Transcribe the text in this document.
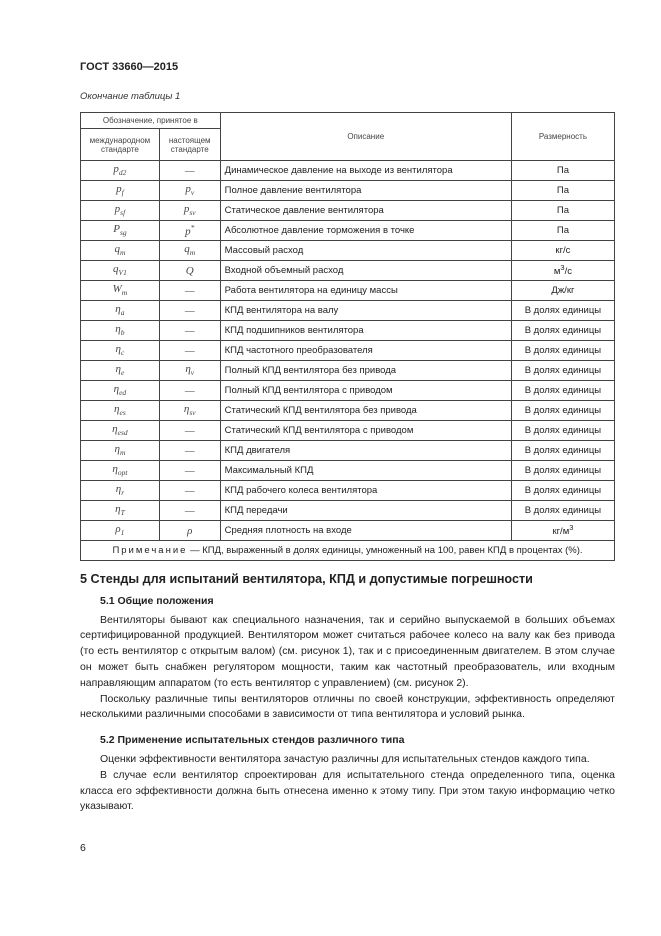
ГОСТ 33660—2015
Окончание таблицы 1
Обозначение, принятое в		Описание	Размерность
международном стандарте	настоящем стандарте		
$p_{d2}$	—	Динамическое давление на выходе из вентилятора	Па
$p_f$	$p_v$	Полное давление вентилятора	Па
$p_{sf}$	$p_{sv}$	Статическое давление вентилятора	Па
$P_{sg}$	p*	Абсолютное давление торможения в точке	Па
$q_m$	$q_m$	Массовый расход	кг/с
$q_{V1}$	Q	Входной объемный расход	$м^3/с$
$W_m$	—	Работа вентилятора на единицу массы	Дж/кг
$\eta_a$	—	КПД вентилятора на валу	В долях единицы
$\eta_b$	—	КПД подшипников вентилятора	В долях единицы
$\eta_c$	—	КПД частотного преобразователя	В долях единицы
$\eta_e$	$\eta_v$	Полный КПД вентилятора без привода	В долях единицы
$\eta_{ed}$	—	Полный КПД вентилятора с приводом	В долях единицы
$\eta_{es}$	$\eta_{sv}$	Статический КПД вентилятора без привода	В долях единицы
$\eta_{esd}$	—	Статический КПД вентилятора с приводом	В долях единицы
$\eta_m$	—	КПД двигателя	В долях единицы
$\eta_{opt}$	—	Максимальный КПД	В долях единицы
$\eta_r$	—	КПД рабочего колеса вентилятора	В долях единицы
$\eta_T$	—	КПД передачи	В долях единицы
$\rho_1$	ρ	Средняя плотность на входе	$кг/м^3$
Примечание — КПД, выраженный в долях единицы, умноженный на 100, равен КПД в процентах (%).			
5 Стенды для испытаний вентилятора, КПД и допустимые погрешности
5.1 Общие положения

Вентиляторы бывают как специального назначения, так и серийно выпускаемой в больших объемах сертифицированной продукцией. Вентилятором может считаться рабочее колесо на валу как без привода (то есть вентилятор с открытым валом) (см. рисунок 1), так и с присоединенным двигателем. В этом случае он может быть снабжен регулятором мощности, таким как частотный преобразователь, или входным направляющим аппаратом (то есть вентилятор с управлением) (см. рисунок 2).

Поскольку различные типы вентиляторов отличны по своей конструкции, эффективность определяют несколькими различными способами в зависимости от типа вентилятора и условий рынка.

5.2 Применение испытательных стендов различного типа

Оценки эффективности вентилятора зачастую различны для испытательных стендов каждого типа.

В случае если вентилятор спроектирован для испытательного стенда определенного типа, оценка класса его эффективности должна быть отнесена именно к этому типу. При этом такую информацию четко указывают.

6
